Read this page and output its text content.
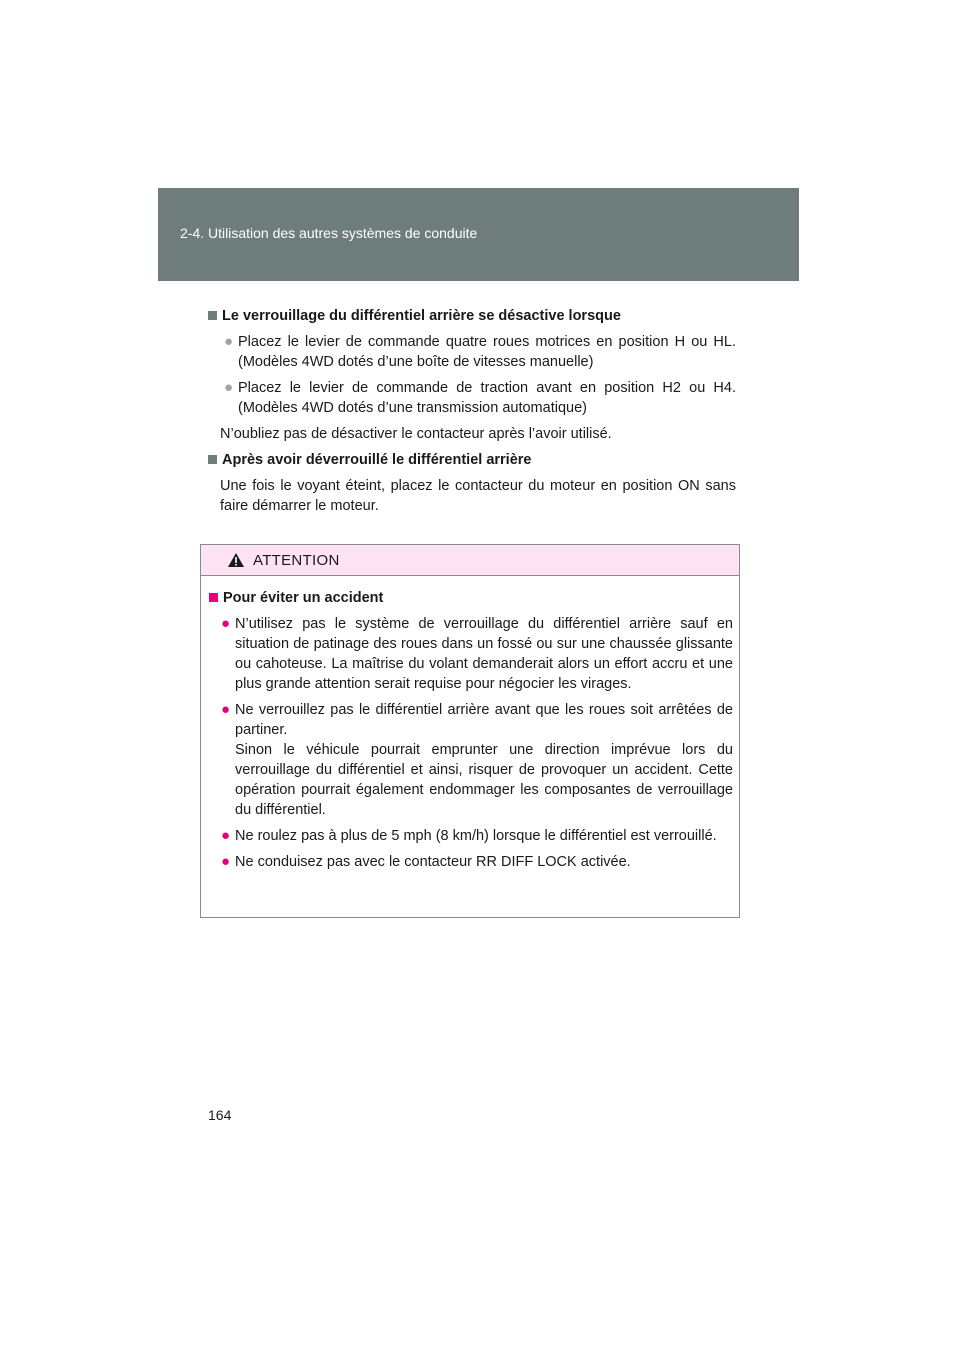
2-4. Utilisation des autres systèmes de conduite
Le verrouillage du différentiel arrière se désactive lorsque
● Placez le levier de commande quatre roues motrices en position H ou HL. (Modèles 4WD dotés d’une boîte de vitesses manuelle)
● Placez le levier de commande de traction avant en position H2 ou H4. (Modèles 4WD dotés d’une transmission automatique)
N’oubliez pas de désactiver le contacteur après l’avoir utilisé.
Après avoir déverrouillé le différentiel arrière
Une fois le voyant éteint, placez le contacteur du moteur en position ON sans faire démarrer le moteur.
ATTENTION
Pour éviter un accident
● N’utilisez pas le système de verrouillage du différentiel arrière sauf en situation de patinage des roues dans un fossé ou sur une chaussée glissante ou cahoteuse. La maîtrise du volant demanderait alors un effort accru et une plus grande attention serait requise pour négocier les virages.
● Ne verrouillez pas le différentiel arrière avant que les roues soit arrêtées de partiner.
Sinon le véhicule pourrait emprunter une direction imprévue lors du verrouillage du différentiel et ainsi, risquer de provoquer un accident. Cette opération pourrait également endommager les composantes de verrouillage du différentiel.
● Ne roulez pas à plus de 5 mph (8 km/h) lorsque le différentiel est verrouillé.
● Ne conduisez pas avec le contacteur RR DIFF LOCK activée.
164
